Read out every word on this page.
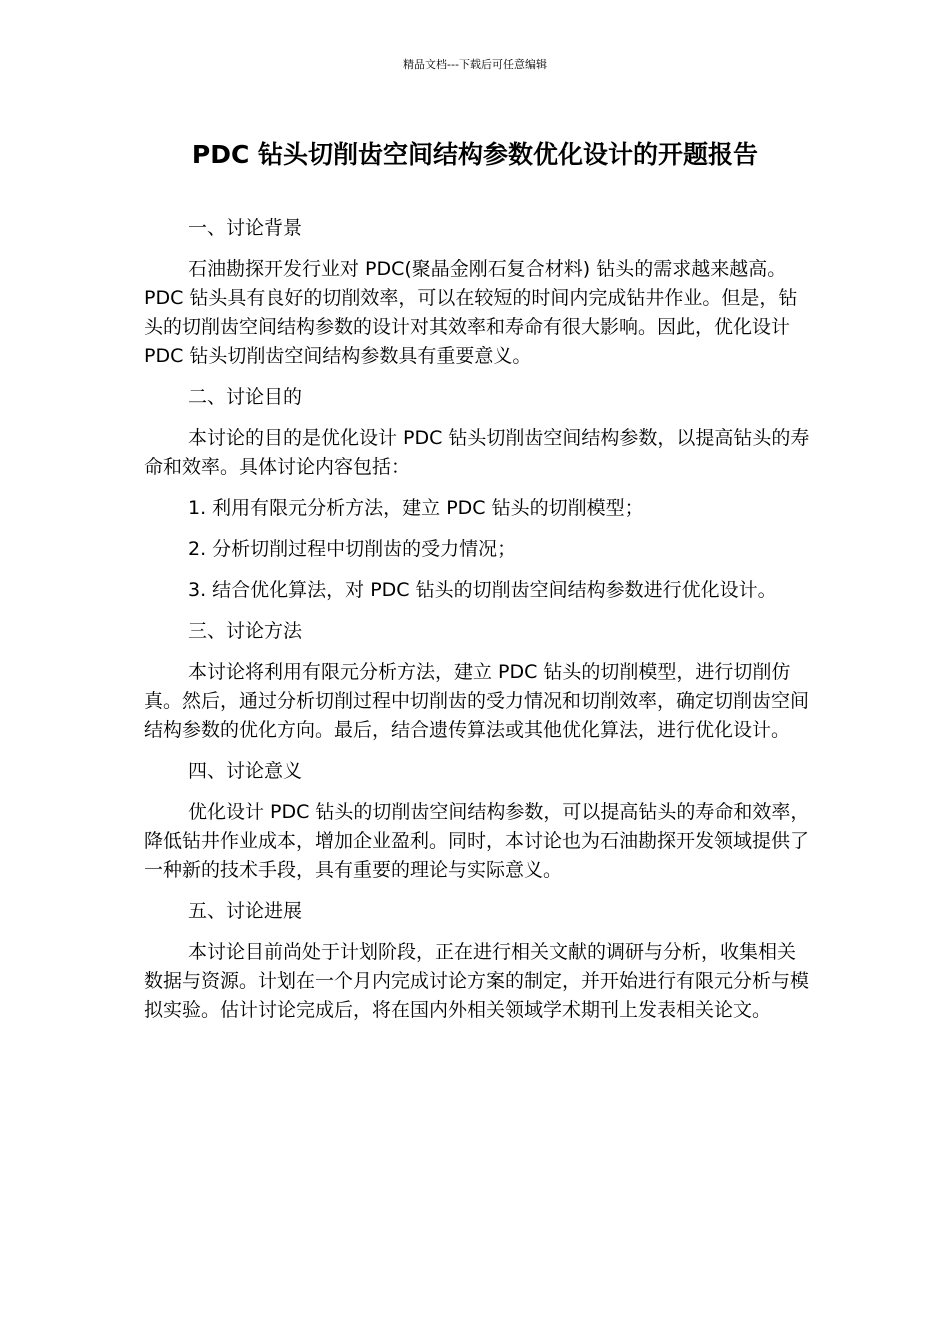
精品文档---下载后可任意编辑
PDC 钻头切削齿空间结构参数优化设计的开题报告

一、讨论背景

石油勘探开发行业对 PDC(聚晶金刚石复合材料) 钻头的需求越来越高。PDC 钻头具有良好的切削效率，可以在较短的时间内完成钻井作业。但是，钻头的切削齿空间结构参数的设计对其效率和寿命有很大影响。因此，优化设计 PDC 钻头切削齿空间结构参数具有重要意义。

二、讨论目的

本讨论的目的是优化设计 PDC 钻头切削齿空间结构参数，以提高钻头的寿命和效率。具体讨论内容包括：

1. 利用有限元分析方法，建立 PDC 钻头的切削模型；

2. 分析切削过程中切削齿的受力情况；

3. 结合优化算法，对 PDC 钻头的切削齿空间结构参数进行优化设计。

三、讨论方法

本讨论将利用有限元分析方法，建立 PDC 钻头的切削模型，进行切削仿真。然后，通过分析切削过程中切削齿的受力情况和切削效率，确定切削齿空间结构参数的优化方向。最后，结合遗传算法或其他优化算法，进行优化设计。

四、讨论意义

优化设计 PDC 钻头的切削齿空间结构参数，可以提高钻头的寿命和效率，降低钻井作业成本，增加企业盈利。同时，本讨论也为石油勘探开发领域提供了一种新的技术手段，具有重要的理论与实际意义。

五、讨论进展

本讨论目前尚处于计划阶段，正在进行相关文献的调研与分析，收集相关数据与资源。计划在一个月内完成讨论方案的制定，并开始进行有限元分析与模拟实验。估计讨论完成后，将在国内外相关领域学术期刊上发表相关论文。
